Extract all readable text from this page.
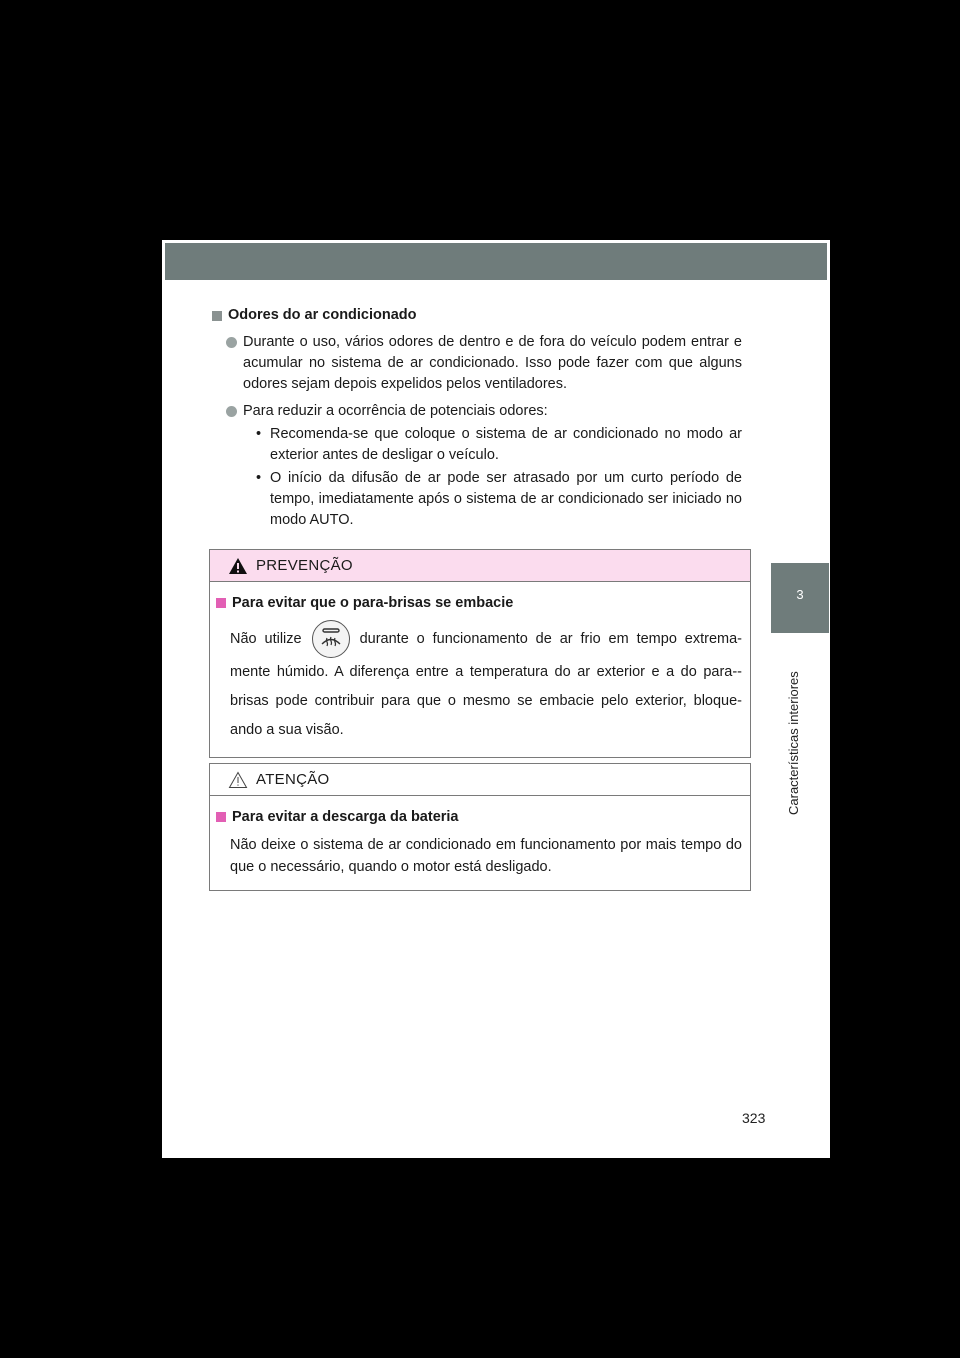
3
Características interiores
Odores do ar condicionado
Durante o uso, vários odores de dentro e de fora do veículo podem entrar e acumular no sistema de ar condicionado. Isso pode fazer com que alguns odores sejam depois expelidos pelos ventiladores.
Para reduzir a ocorrência de potenciais odores:
• Recomenda-se que coloque o sistema de ar condicionado no modo ar exterior antes de desligar o veículo.
• O início da difusão de ar pode ser atrasado por um curto período de tempo, imediatamente após o sistema de ar condicionado ser iniciado no modo AUTO.
PREVENÇÃO
Para evitar que o para-brisas se embacie
Não utilize	durante o funcionamento de ar frio em tempo extrema-mente húmido. A diferença entre a temperatura do ar exterior e a do para--brisas pode contribuir para que o mesmo se embacie pelo exterior, bloque-ando a sua visão.
ATENÇÃO
Para evitar a descarga da bateria
Não deixe o sistema de ar condicionado em funcionamento por mais tempo do que o necessário, quando o motor está desligado.
323
